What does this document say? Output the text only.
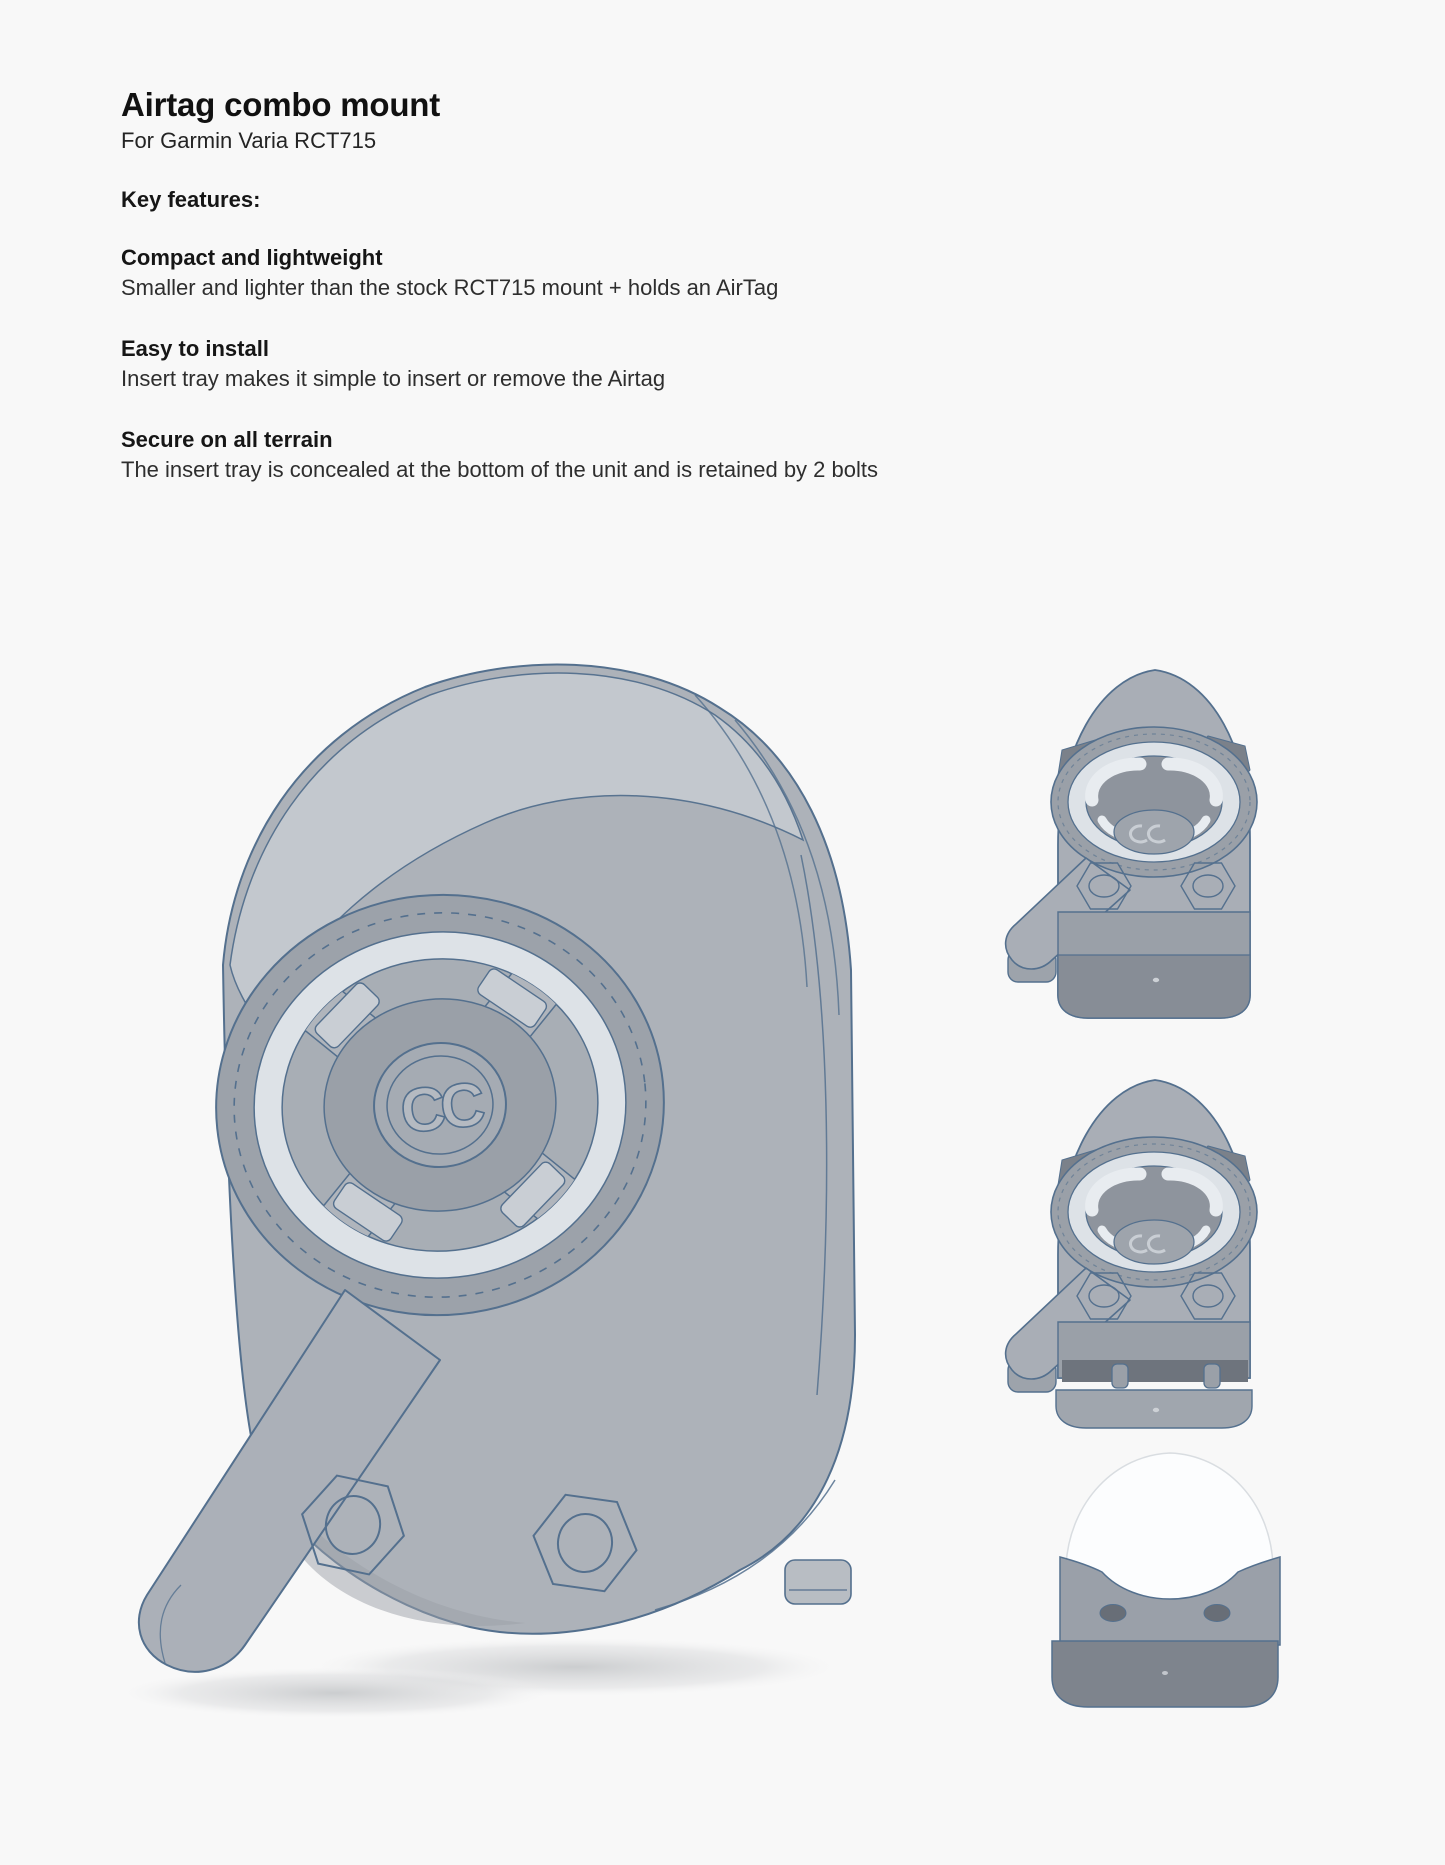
Airtag combo mount

For Garmin Varia RCT715

Key features:

Compact and lightweight

Smaller and lighter than the stock RCT715 mount + holds an AirTag

Easy to install

Insert tray makes it simple to insert or remove the Airtag

Secure on all terrain

The insert tray is concealed at the bottom of the unit and is retained by 2 bolts

CC
